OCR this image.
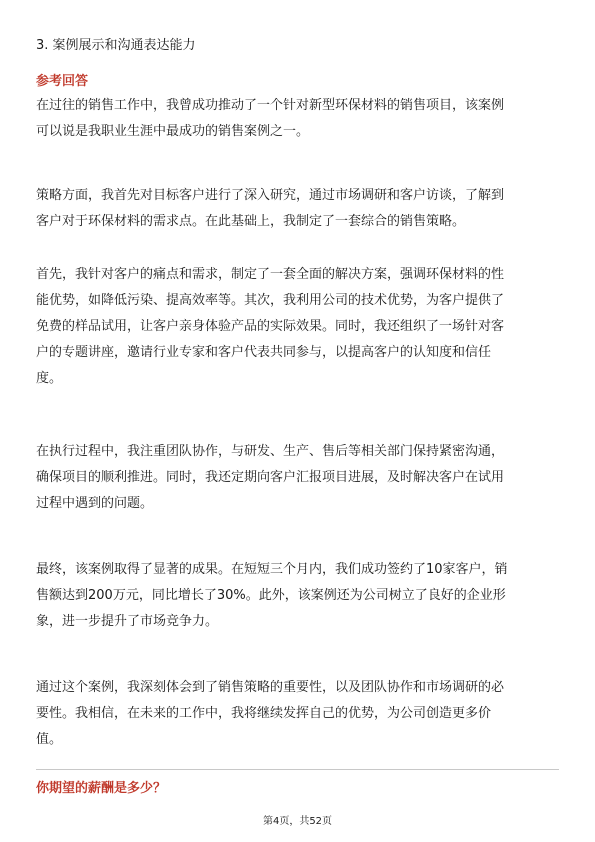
3. 案例展示和沟通表达能力
参考回答
在过往的销售工作中，我曾成功推动了一个针对新型环保材料的销售项目，该案例
可以说是我职业生涯中最成功的销售案例之一。
策略方面，我首先对目标客户进行了深入研究，通过市场调研和客户访谈，了解到
客户对于环保材料的需求点。在此基础上，我制定了一套综合的销售策略。
首先，我针对客户的痛点和需求，制定了一套全面的解决方案，强调环保材料的性
能优势，如降低污染、提高效率等。其次，我利用公司的技术优势，为客户提供了
免费的样品试用，让客户亲身体验产品的实际效果。同时，我还组织了一场针对客
户的专题讲座，邀请行业专家和客户代表共同参与，以提高客户的认知度和信任
度。
在执行过程中，我注重团队协作，与研发、生产、售后等相关部门保持紧密沟通，
确保项目的顺利推进。同时，我还定期向客户汇报项目进展，及时解决客户在试用
过程中遇到的问题。
最终，该案例取得了显著的成果。在短短三个月内，我们成功签约了10家客户，销
售额达到200万元，同比增长了30%。此外，该案例还为公司树立了良好的企业形
象，进一步提升了市场竞争力。
通过这个案例，我深刻体会到了销售策略的重要性，以及团队协作和市场调研的必
要性。我相信，在未来的工作中，我将继续发挥自己的优势，为公司创造更多价
值。
你期望的薪酬是多少？
第4页，共52页
